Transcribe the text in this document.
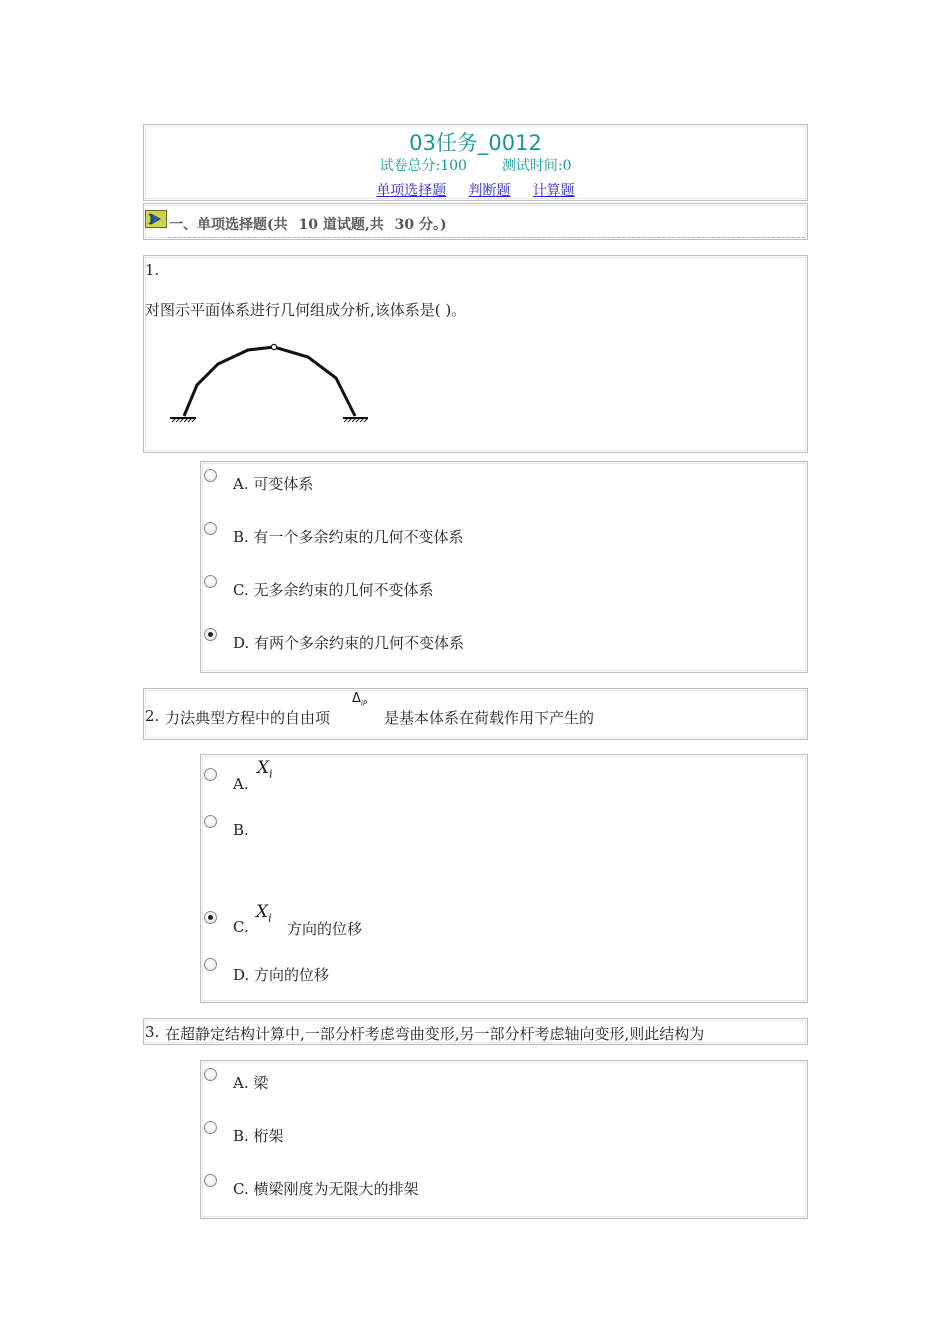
03任务_0012
试卷总分:100 测试时间:0
单项选择题 判断题 计算题
一、单项选择题(共 10 道试题,共 30 分。)
1.
对图示平面体系进行几何组成分析,该体系是( )。
A. 可变体系
B. 有一个多余约束的几何不变体系
C. 无多余约束的几何不变体系
D. 有两个多余约束的几何不变体系
2. 力法典型方程中的自由项
$\Delta_{iP}$
是基本体系在荷载作用下产生的
A.
$X_i$
B.
C.
$X_i$
方向的位移
D. 方向的位移
3. 在超静定结构计算中,一部分杆考虑弯曲变形,另一部分杆考虑轴向变形,则此结构为
A. 梁
B. 桁架
C. 横梁刚度为无限大的排架
